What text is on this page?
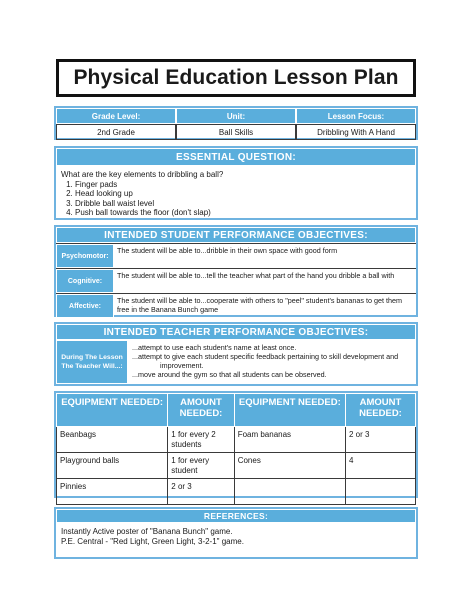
Physical Education Lesson Plan
Grade Level:	Unit:	Lesson Focus:
2nd Grade	Ball Skills	Dribbling With A Hand
ESSENTIAL QUESTION:
What are the key elements to dribbling a ball?
1. Finger pads
2. Head looking up
3. Dribble ball waist level
4. Push ball towards the floor (don't slap)
INTENDED STUDENT PERFORMANCE OBJECTIVES:
Psychomotor:
The student will be able to...dribble in their own space with good form
Cognitive:
The student will be able to...tell the teacher what part of the hand you dribble a ball with
Affective:
The student will be able to...cooperate with others to "peel" student's bananas to get them free in the Banana Bunch game
INTENDED TEACHER PERFORMANCE OBJECTIVES:
During The Lesson The Teacher Will...:
...attempt to use each student's name at least once.
...attempt to give each student specific feedback pertaining to skill development and
improvement.
...move around the gym so that all students can be observed.
EQUIPMENT NEEDED:	AMOUNT NEEDED:	EQUIPMENT NEEDED:	AMOUNT NEEDED:
Beanbags	1 for every 2 students	Foam bananas	2 or 3
Playground balls	1 for every student	Cones	4
Pinnies	2 or 3		
REFERENCES:
Instantly Active poster of "Banana Bunch" game.
P.E. Central - "Red Light, Green Light, 3-2-1" game.
